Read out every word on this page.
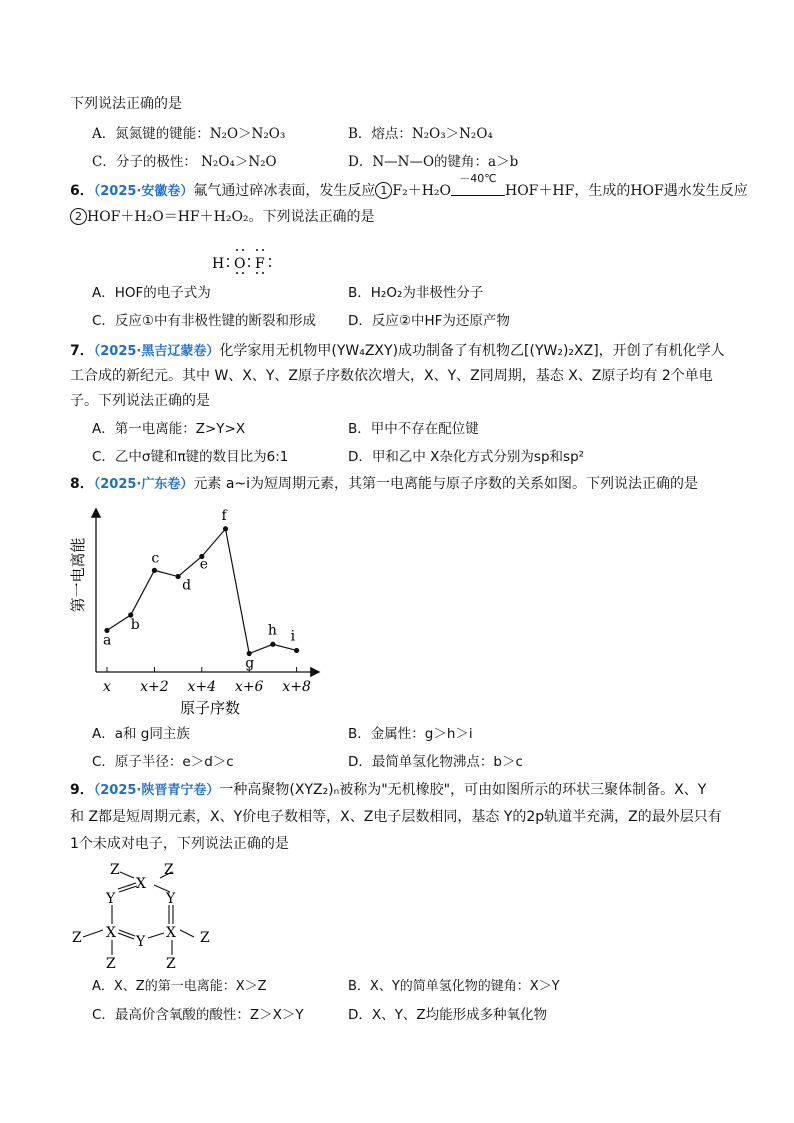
下列说法正确的是
A．氮氮键的键能：N₂O＞N₂O₃	B．熔点：N₂O₃＞N₂O₄
C．分子的极性： N₂O₄＞N₂O	D．N—N—O的键角：a＞b
6．（2025·安徽卷）氟气通过碎冰表面，发生反应 1 F₂＋H₂O
－40℃
HOF＋HF，生成的HOF遇水发生反应
2 HOF＋H₂O＝HF＋H₂O₂。下列说法正确的是
H O F
A．HOF的电子式为	B．H₂O₂为非极性分子
C．反应①中有非极性键的断裂和形成 D．反应②中HF为还原产物
7．（2025·黑吉辽蒙卷）化学家用无机物甲(YW₄ZXY)成功制备了有机物乙[(YW₂)₂XZ]，开创了有机化学人
工合成的新纪元。其中 W、X、Y、Z原子序数依次增大，X、Y、Z同周期，基态 X、Z原子均有 2个单电
子。下列说法正确的是
A．第一电离能：Z>Y>X	B．甲中不存在配位键
C．乙中σ键和π键的数目比为6:1	D．甲和乙中 X杂化方式分别为sp和sp²
8．（2025·广东卷）元素 a~i为短周期元素，其第一电离能与原子序数的关系如图。下列说法正确的是
第一电离能
原子序数
x x+2 x+4 x+6 x+8
a
b
c
d
e
f
g
h i
A．a和 g同主族	B．金属性：g＞h＞i
C．原子半径：e＞d＞c	D．最简单氢化物沸点：b＞c
9．（2025·陕晋青宁卷）一种高聚物(XYZ₂)ₙ被称为"无机橡胶"，可由如图所示的环状三聚体制备。X、Y
和 Z都是短周期元素，X、Y价电子数相等，X、Z电子层数相同，基态 Y的2p轨道半充满，Z的最外层只有
1个未成对电子，下列说法正确的是
Z	Z
X
Y	Y
Z X
Y
X Z
Z	Z
A．X、Z的第一电离能：X＞Z	B．X、Y的简单氢化物的键角：X＞Y
C．最高价含氧酸的酸性：Z＞X＞Y	D．X、Y、Z均能形成多种氧化物
